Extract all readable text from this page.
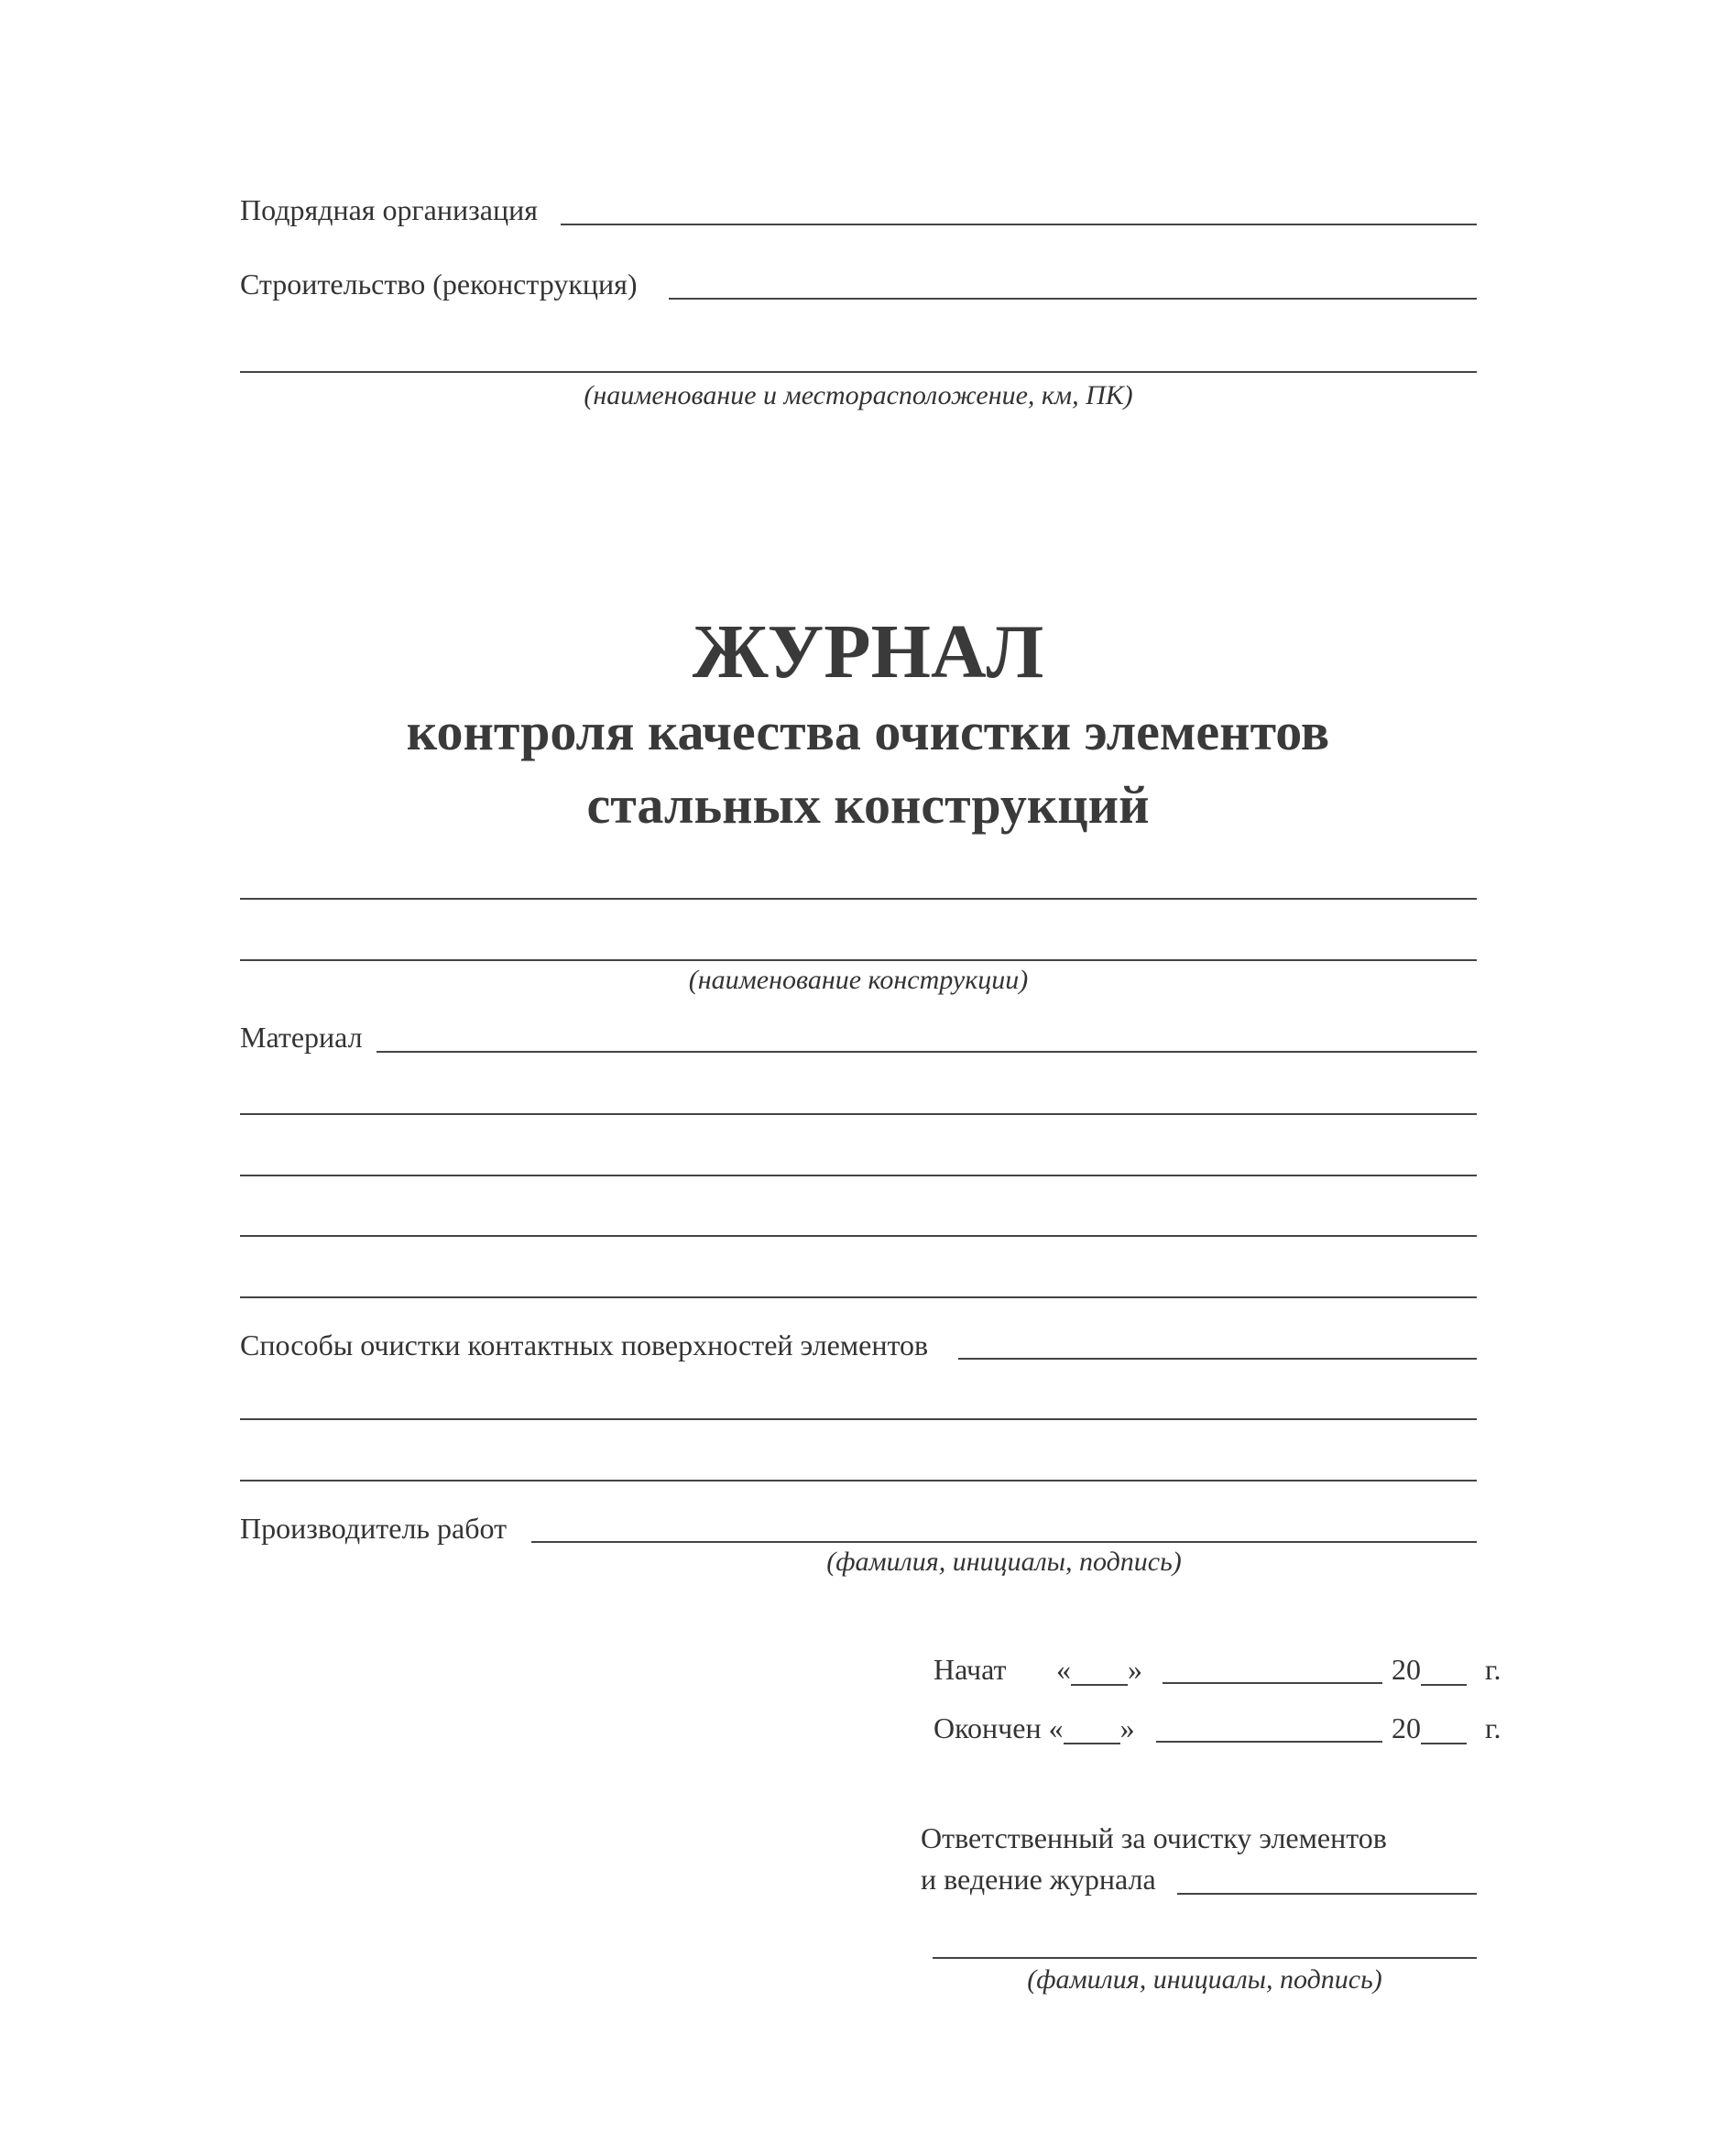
Подрядная организация
Строительство (реконструкция)
(наименование и месторасположение, км, ПК)
ЖУРНАЛ
контроля качества очистки элементов
стальных конструкций
(наименование конструкции)
Материал
Способы очистки контактных поверхностей элементов
Производитель работ
(фамилия, инициалы, подпись)
Начат « »	20 г.
Окончен « »	20 г.
Ответственный за очистку элементов
и ведение журнала
(фамилия, инициалы, подпись)
